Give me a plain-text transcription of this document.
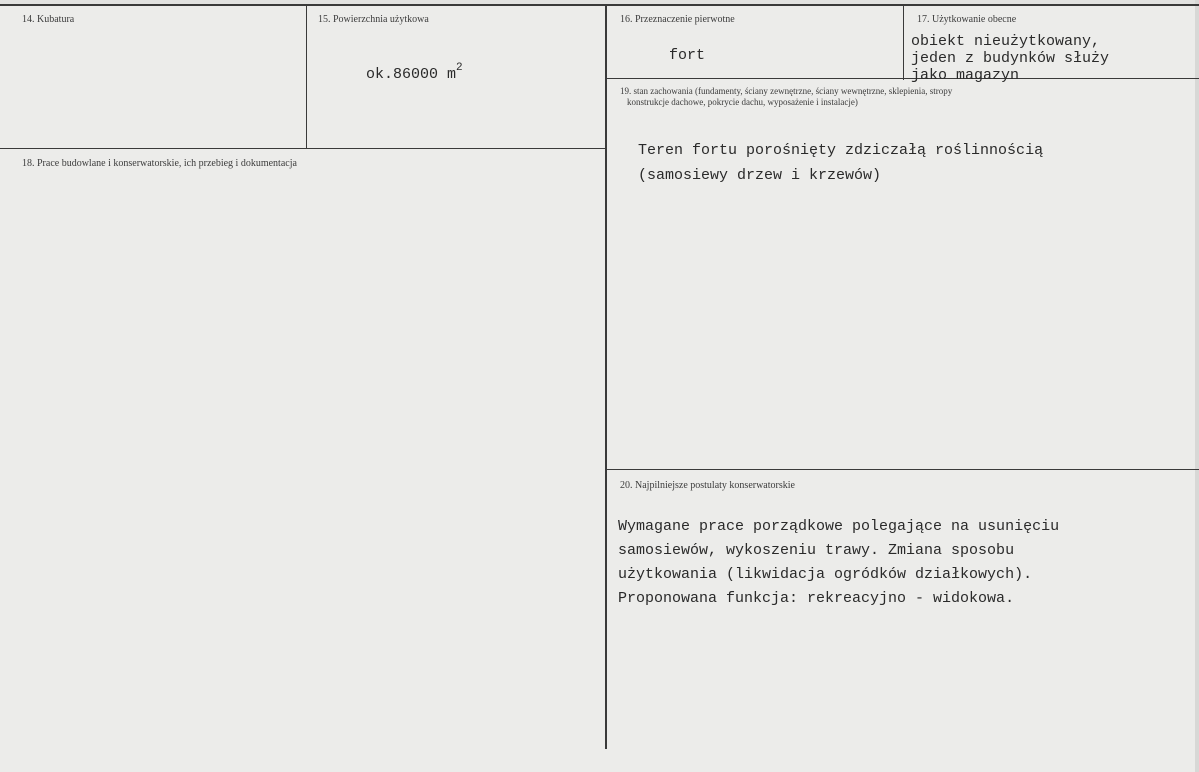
14. Kubatura	15. Powierzchnia użytkowa
ok.86000 $m^2$
16. Przeznaczenie pierwotne
fort
17. Użytkowanie obecne
obiekt nieużytkowany,
jeden z budynków służy
jako magazyn
18. Prace budowlane i konserwatorskie, ich przebieg i dokumentacja
19. stan zachowania (fundamenty, ściany zewnętrzne, ściany wewnętrzne, sklepienia, stropy
konstrukcje dachowe, pokrycie dachu, wyposażenie i instalacje)
Teren fortu porośnięty zdziczałą roślinnością
(samosiewy drzew i krzewów)
20. Najpilniejsze postulaty konserwatorskie
Wymagane prace porządkowe polegające na usunięciu
samosiewów, wykoszeniu trawy. Zmiana sposobu
użytkowania (likwidacja ogródków działkowych).
Proponowana funkcja: rekreacyjno - widokowa.
